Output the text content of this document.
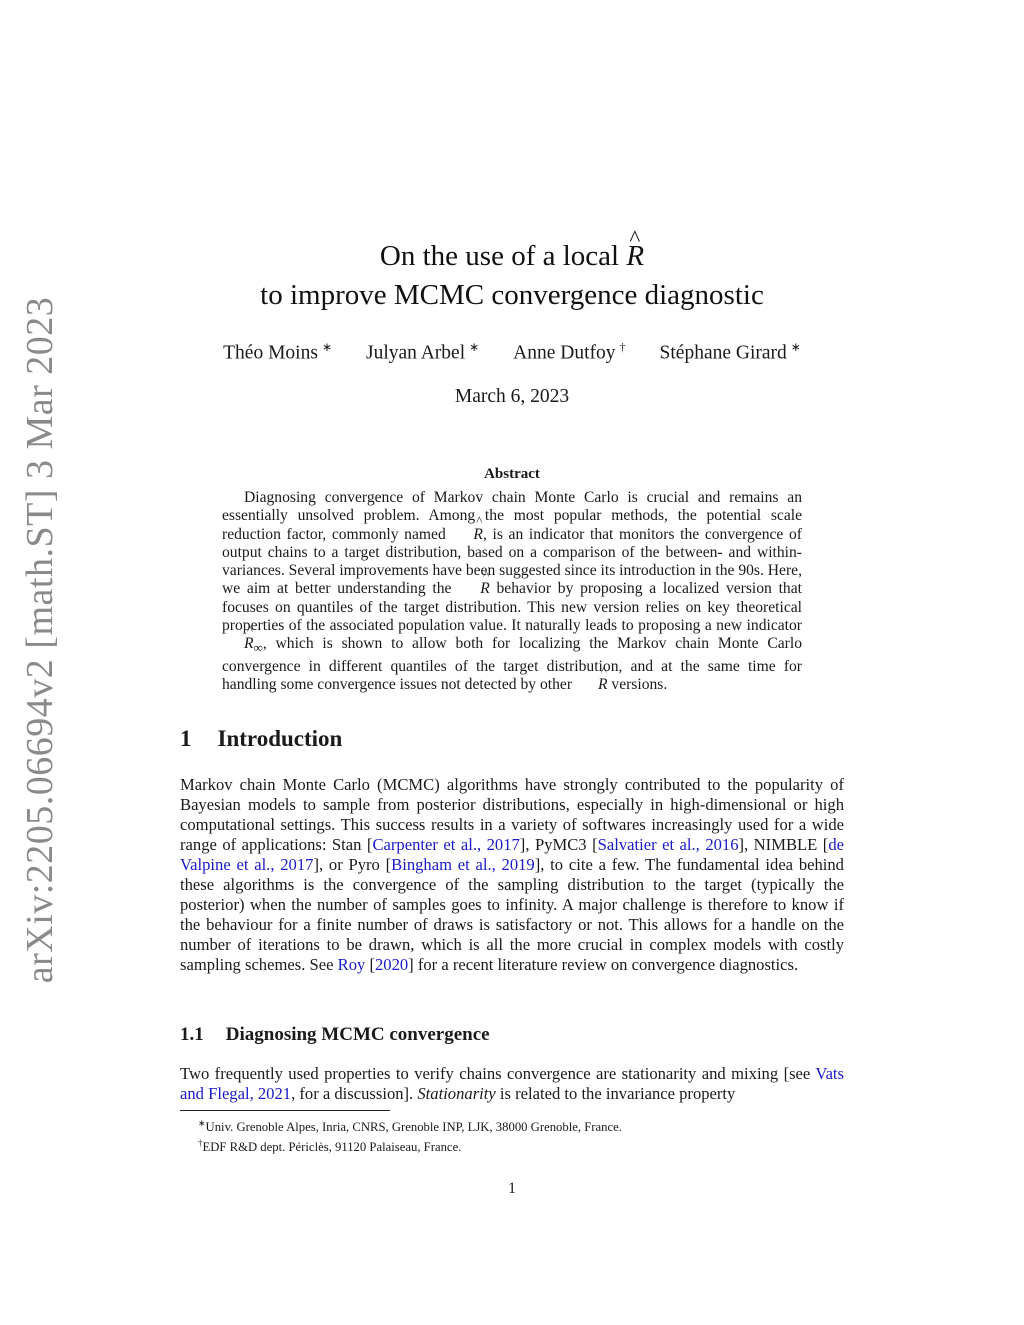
arXiv:2205.06694v2 [math.ST] 3 Mar 2023
On the use of a local ^ R
to improve MCMC convergence diagnostic
Théo Moins ∗ Julyan Arbel ∗ Anne Dutfoy † Stéphane Girard ∗
March 6, 2023
Abstract

Diagnosing convergence of Markov chain Monte Carlo is crucial and remains an essentially unsolved problem. Among the most popular methods, the potential scale reduction factor, commonly named ^ R, is an indicator that monitors the convergence of output chains to a target distribution, based on a comparison of the between- and within-variances. Several improvements have been suggested since its introduction in the 90s. Here, we aim at better understanding the ^ R behavior by proposing a localized version that focuses on quantiles of the target distribution. This new version relies on key theoretical properties of the associated population value. It naturally leads to proposing a new indicator ^ $R_\infty$, which is shown to allow both for localizing the Markov chain Monte Carlo convergence in different quantiles of the target distribution, and at the same time for handling some convergence issues not detected by other ^ R versions.

1 Introduction

Markov chain Monte Carlo (MCMC) algorithms have strongly contributed to the popularity of Bayesian models to sample from posterior distributions, especially in high-dimensional or high computational settings. This success results in a variety of softwares increasingly used for a wide range of applications: Stan [Carpenter et al., 2017], PyMC3 [Salvatier et al., 2016], NIMBLE [de Valpine et al., 2017], or Pyro [Bingham et al., 2019], to cite a few. The fundamental idea behind these algorithms is the convergence of the sampling distribution to the target (typically the posterior) when the number of samples goes to infinity. A major challenge is therefore to know if the behaviour for a finite number of draws is satisfactory or not. This allows for a handle on the number of iterations to be drawn, which is all the more crucial in complex models with costly sampling schemes. See Roy [2020] for a recent literature review on convergence diagnostics.

1.1 Diagnosing MCMC convergence

Two frequently used properties to verify chains convergence are stationarity and mixing [see Vats and Flegal, 2021, for a discussion]. Stationarity is related to the invariance property

∗Univ. Grenoble Alpes, Inria, CNRS, Grenoble INP, LJK, 38000 Grenoble, France.
†EDF R&D dept. Périclès, 91120 Palaiseau, France.
1
